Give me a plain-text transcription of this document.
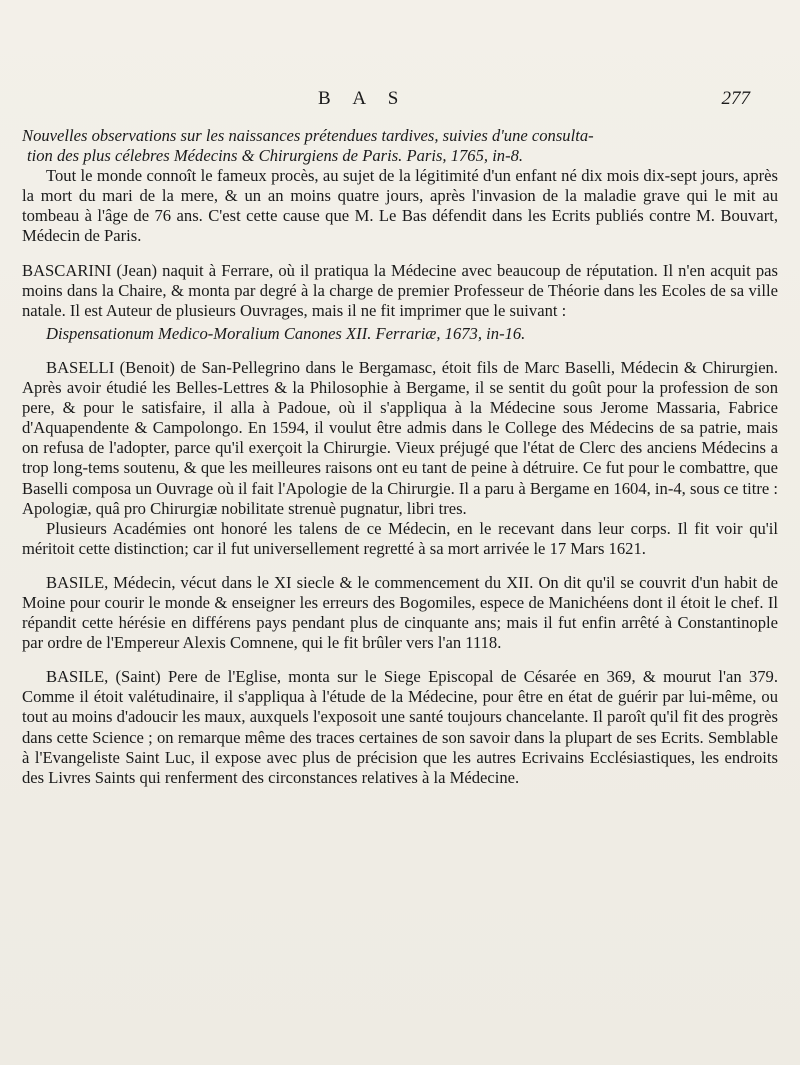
B A S	277

Nouvelles observations sur les naissances prétendues tardives, suivies d'une consulta-
tion des plus célebres Médecins & Chirurgiens de Paris. Paris, 1765, in-8.

Tout le monde connoît le fameux procès, au sujet de la légitimité d'un enfant né dix mois dix-sept jours, après la mort du mari de la mere, & un an moins quatre jours, après l'invasion de la maladie grave qui le mit au tombeau à l'âge de 76 ans. C'est cette cause que M. Le Bas défendit dans les Ecrits publiés contre M. Bouvart, Médecin de Paris.

BASCARINI (Jean) naquit à Ferrare, où il pratiqua la Médecine avec beaucoup de réputation. Il n'en acquit pas moins dans la Chaire, & monta par degré à la charge de premier Professeur de Théorie dans les Ecoles de sa ville natale. Il est Auteur de plusieurs Ouvrages, mais il ne fit imprimer que le suivant :

Dispensationum Medico-Moralium Canones XII. Ferrariæ, 1673, in-16.

BASELLI (Benoit) de San-Pellegrino dans le Bergamasc, étoit fils de Marc Baselli, Médecin & Chirurgien. Après avoir étudié les Belles-Lettres & la Philosophie à Bergame, il se sentit du goût pour la profession de son pere, & pour le satisfaire, il alla à Padoue, où il s'appliqua à la Médecine sous Jerome Massaria, Fabrice d'Aquapendente & Campolongo. En 1594, il voulut être admis dans le College des Médecins de sa patrie, mais on refusa de l'adopter, parce qu'il exerçoit la Chirurgie. Vieux préjugé que l'état de Clerc des anciens Médecins a trop long-tems soutenu, & que les meilleures raisons ont eu tant de peine à détruire. Ce fut pour le combattre, que Baselli composa un Ouvrage où il fait l'Apologie de la Chirurgie. Il a paru à Bergame en 1604, in-4, sous ce titre : Apologiæ, quâ pro Chirurgiæ nobilitate strenuè pugnatur, libri tres.

Plusieurs Académies ont honoré les talens de ce Médecin, en le recevant dans leur corps. Il fit voir qu'il méritoit cette distinction; car il fut universellement regretté à sa mort arrivée le 17 Mars 1621.

BASILE, Médecin, vécut dans le XI siecle & le commencement du XII. On dit qu'il se couvrit d'un habit de Moine pour courir le monde & enseigner les erreurs des Bogomiles, espece de Manichéens dont il étoit le chef. Il répandit cette hérésie en différens pays pendant plus de cinquante ans; mais il fut enfin arrêté à Constantinople par ordre de l'Empereur Alexis Comnene, qui le fit brûler vers l'an 1118.

BASILE, (Saint) Pere de l'Eglise, monta sur le Siege Episcopal de Césarée en 369, & mourut l'an 379. Comme il étoit valétudinaire, il s'appliqua à l'étude de la Médecine, pour être en état de guérir par lui-même, ou tout au moins d'adoucir les maux, auxquels l'exposoit une santé toujours chancelante. Il paroît qu'il fit des progrès dans cette Science ; on remarque même des traces certaines de son savoir dans la plupart de ses Ecrits. Semblable à l'Evangeliste Saint Luc, il expose avec plus de précision que les autres Ecrivains Ecclésiastiques, les endroits des Livres Saints qui renferment des circonstances relatives à la Médecine.
